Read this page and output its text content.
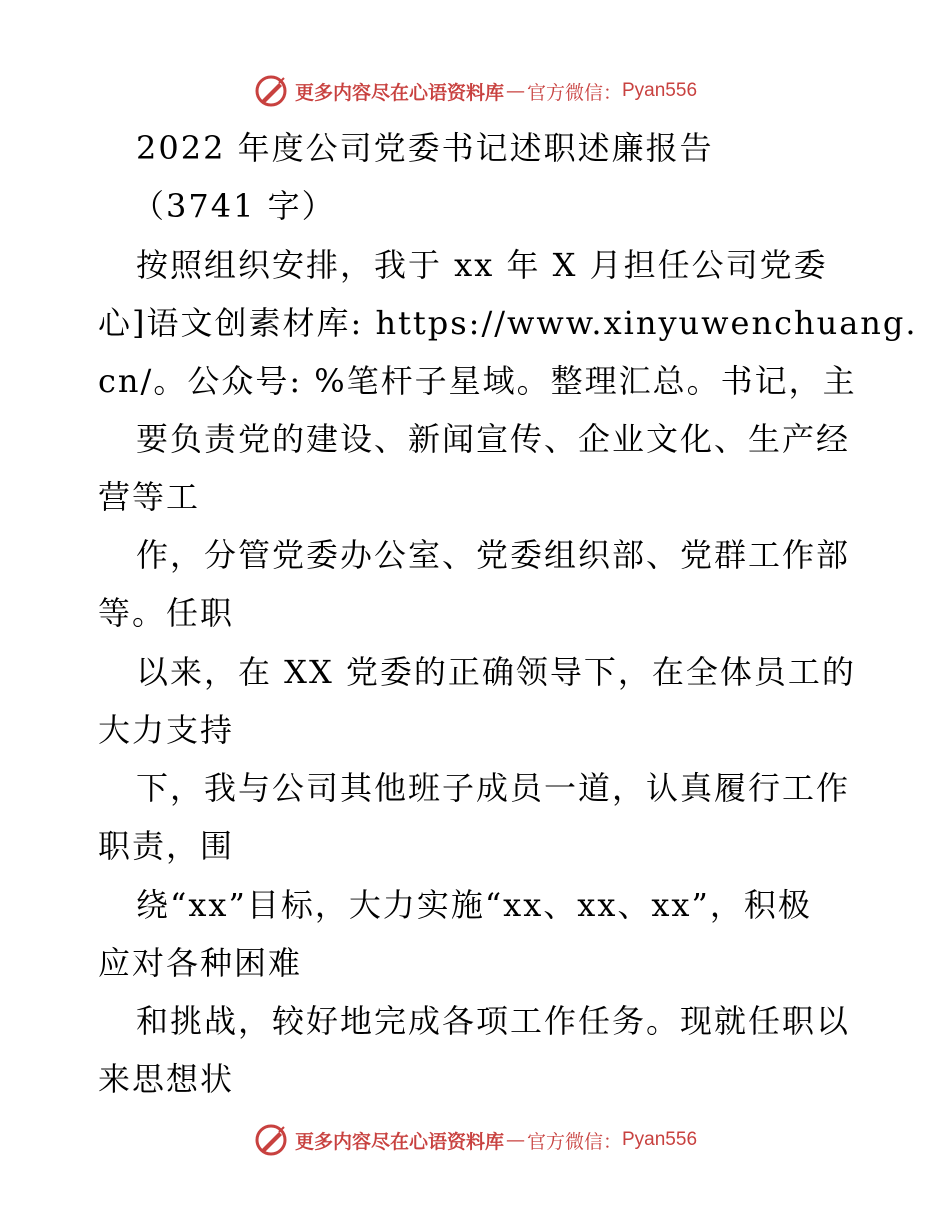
更多内容尽在心语资料库 — 官方微信： Pyan556
2022 年度公司党委书记述职述廉报告
（3741 字）
按照组织安排，我于 xx 年 X 月担任公司党委
心]语文创素材库: https://www.xinyuwenchuang.
cn/。公众号: %笔杆子星域。整理汇总。书记，主
要负责党的建设、新闻宣传、企业文化、生产经
营等工
作，分管党委办公室、党委组织部、党群工作部
等。任职
以来，在 XX 党委的正确领导下，在全体员工的
大力支持
下，我与公司其他班子成员一道，认真履行工作
职责，围
绕“xx”目标，大力实施“xx、xx、xx”，积极
应对各种困难
和挑战，较好地完成各项工作任务。现就任职以
来思想状
更多内容尽在心语资料库 — 官方微信： Pyan556
